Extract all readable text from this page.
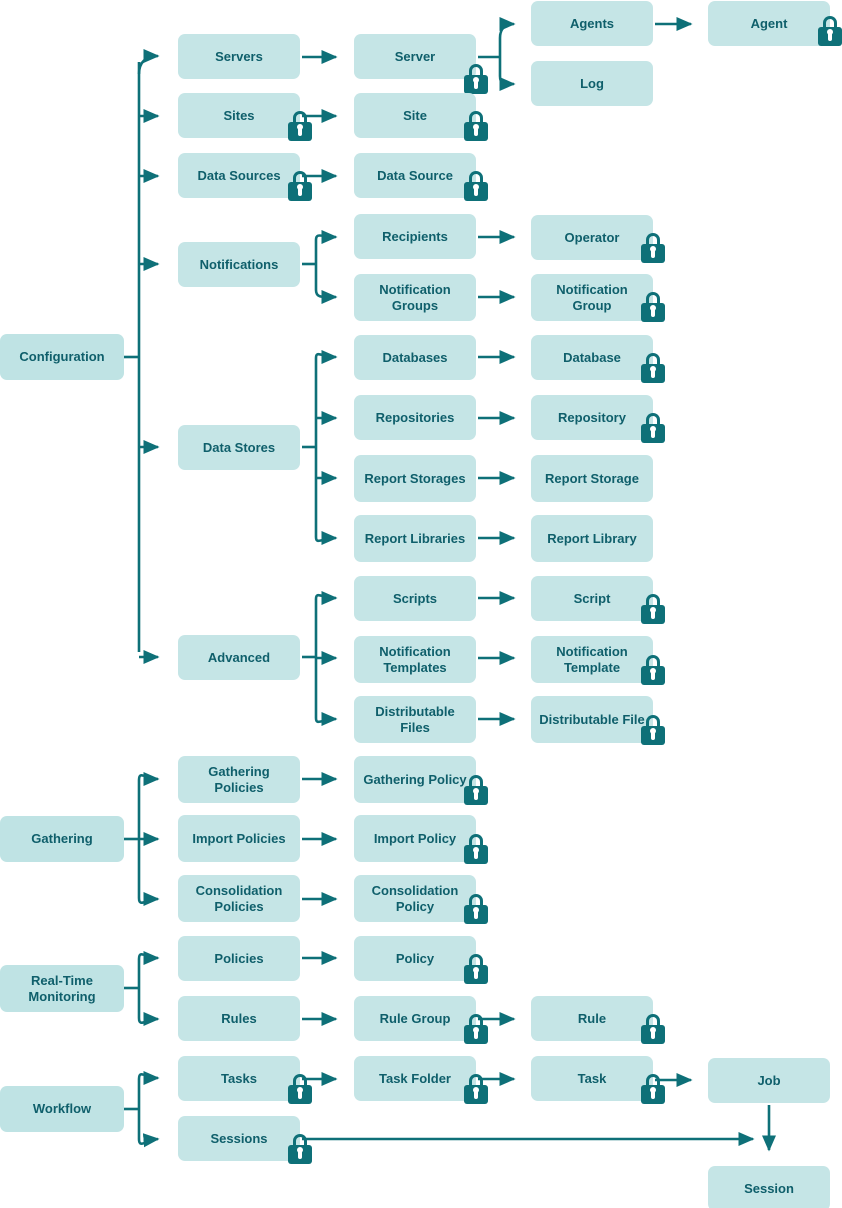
Configuration
Servers	Server
Agents	Agent
Log
Sites	Site
Data Sources	Data Source
Notifications
Recipients	Operator
Notification Groups
Notification Group
Data Stores
Databases	Database
Repositories	Repository
Report Storages	Report Storage
Report Libraries	Report Library
Advanced
Scripts	Script
Notification Templates
Notification Template
Distributable Files
Distributable File
Gathering
Gathering Policies
Gathering Policy
Import Policies	Import Policy
Consolidation Policies
Consolidation Policy
Real-Time Monitoring
Policies	Policy
Rules	Rule Group	Rule
Workflow
Tasks	Task Folder	Task	Job
Sessions
Session
